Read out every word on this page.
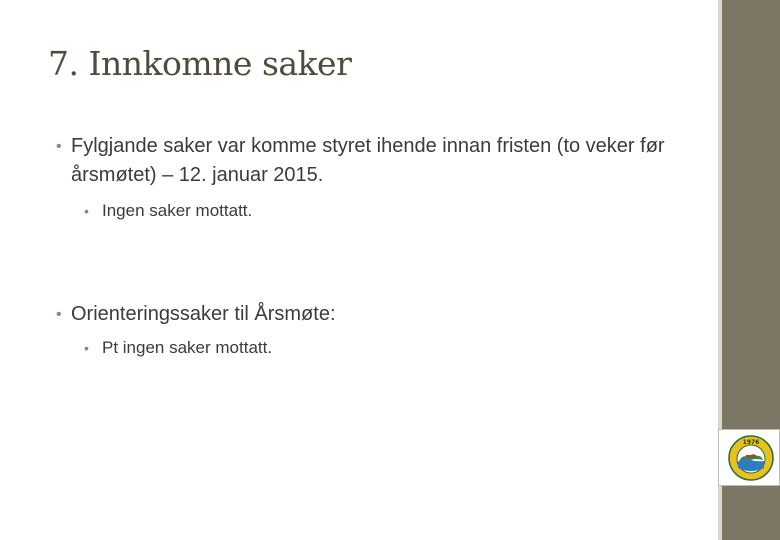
7. Innkomne saker
• Fylgjande saker var komme styret ihende innan fristen (to veker før årsmøtet) – 12. januar 2015.
• Ingen saker mottatt.
• Orienteringssaker til Årsmøte:
• Pt ingen saker mottatt.
1976
